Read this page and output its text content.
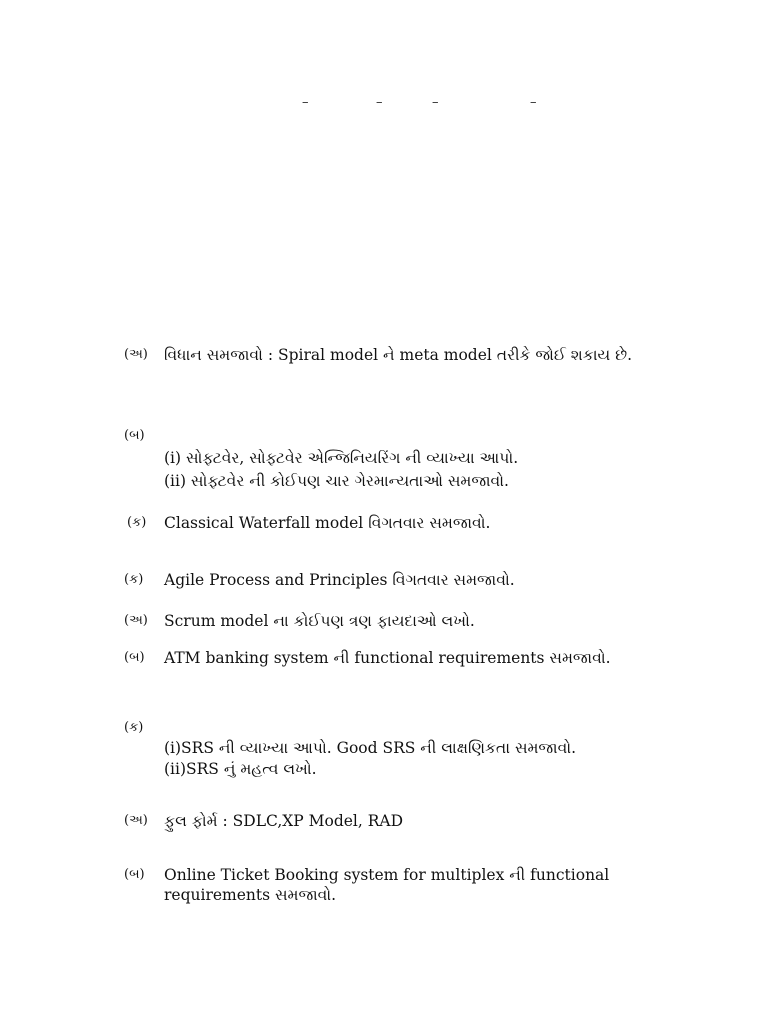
–	–	–	–
(અ) વિધાન સમજાવો : Spiral model ને meta model તરીકે જોઈ શકાય છે.
(બ)
(i) સોફ્ટવેર, સોફ્ટવેર એન્જિનિયરિંગ ની વ્યાખ્યા આપો.
(ii) સોફ્ટવેર ની કોઈપણ ચાર ગેરમાન્યતાઓ સમજાવો.
(ક) Classical Waterfall model વિગતવાર સમજાવો.
(ક) Agile Process and Principles વિગતવાર સમજાવો.
(અ) Scrum model ના કોઈપણ ત્રણ ફાયદાઓ લખો.
(બ) ATM banking system ની functional requirements સમજાવો.
(ક)
(i)SRS ની વ્યાખ્યા આપો. Good SRS ની લાક્ષણિકતા સમજાવો.
(ii)SRS નું મહત્વ લખો.
(અ) ફુલ ફોર્મ : SDLC,XP Model, RAD
(બ) Online Ticket Booking system for multiplex ની functional requirements સમજાવો.
